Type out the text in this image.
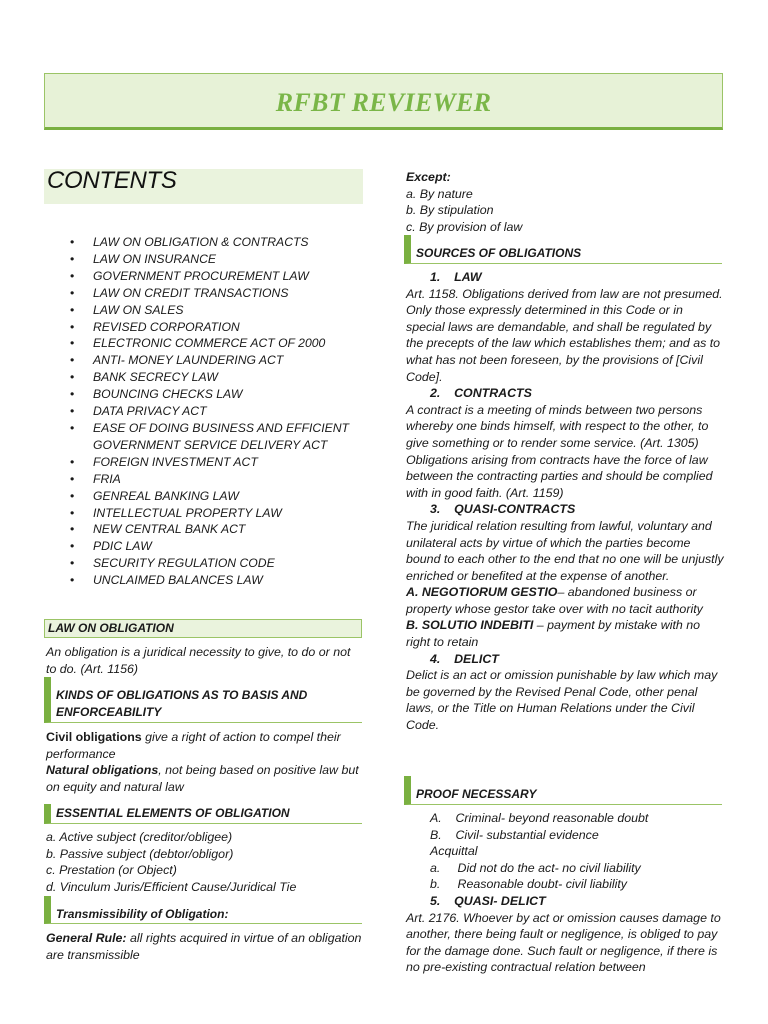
RFBT REVIEWER
CONTENTS
• LAW ON OBLIGATION & CONTRACTS
• LAW ON INSURANCE
• GOVERNMENT PROCUREMENT LAW
• LAW ON CREDIT TRANSACTIONS
• LAW ON SALES
• REVISED CORPORATION
• ELECTRONIC COMMERCE ACT OF 2000
• ANTI- MONEY LAUNDERING ACT
• BANK SECRECY LAW
• BOUNCING CHECKS LAW
• DATA PRIVACY ACT
• EASE OF DOING BUSINESS AND EFFICIENT GOVERNMENT SERVICE DELIVERY ACT
• FOREIGN INVESTMENT ACT
• FRIA
• GENREAL BANKING LAW
• INTELLECTUAL PROPERTY LAW
• NEW CENTRAL BANK ACT
• PDIC LAW
• SECURITY REGULATION CODE
• UNCLAIMED BALANCES LAW
LAW ON OBLIGATION
An obligation is a juridical necessity to give, to do or not to do. (Art. 1156)
KINDS OF OBLIGATIONS AS TO BASIS AND ENFORCEABILITY
Civil obligations give a right of action to compel their performance
Natural obligations, not being based on positive law but on equity and natural law
ESSENTIAL ELEMENTS OF OBLIGATION
a. Active subject (creditor/obligee)
b. Passive subject (debtor/obligor)
c. Prestation (or Object)
d. Vinculum Juris/Efficient Cause/Juridical Tie
Transmissibility of Obligation:
General Rule: all rights acquired in virtue of an obligation are transmissible
Except:
a. By nature
b. By stipulation
c. By provision of law
SOURCES OF OBLIGATIONS
1.    LAW
Art. 1158. Obligations derived from law are not presumed. Only those expressly determined in this Code or in special laws are demandable, and shall be regulated by the precepts of the law which establishes them; and as to what has not been foreseen, by the provisions of [Civil Code].
2.    CONTRACTS
A contract is a meeting of minds between two persons whereby one binds himself, with respect to the other, to give something or to render some service. (Art. 1305)
Obligations arising from contracts have the force of law between the contracting parties and should be complied with in good faith. (Art. 1159)
3.    QUASI-CONTRACTS
The juridical relation resulting from lawful, voluntary and unilateral acts by virtue of which the parties become bound to each other to the end that no one will be unjustly enriched or benefited at the expense of another.
A. NEGOTIORUM GESTIO– abandoned business or property whose gestor take over with no tacit authority
B. SOLUTIO INDEBITI – payment by mistake with no right to retain
4.    DELICT
Delict is an act or omission punishable by law which may be governed by the Revised Penal Code, other penal laws, or the Title on Human Relations under the Civil Code.
PROOF NECESSARY
A.    Criminal- beyond reasonable doubt
B.    Civil- substantial evidence
Acquittal
a.     Did not do the act- no civil liability
b.     Reasonable doubt- civil liability
5.    QUASI- DELICT
Art. 2176. Whoever by act or omission causes damage to another, there being fault or negligence, is obliged to pay for the damage done. Such fault or negligence, if there is no pre-existing contractual relation between
